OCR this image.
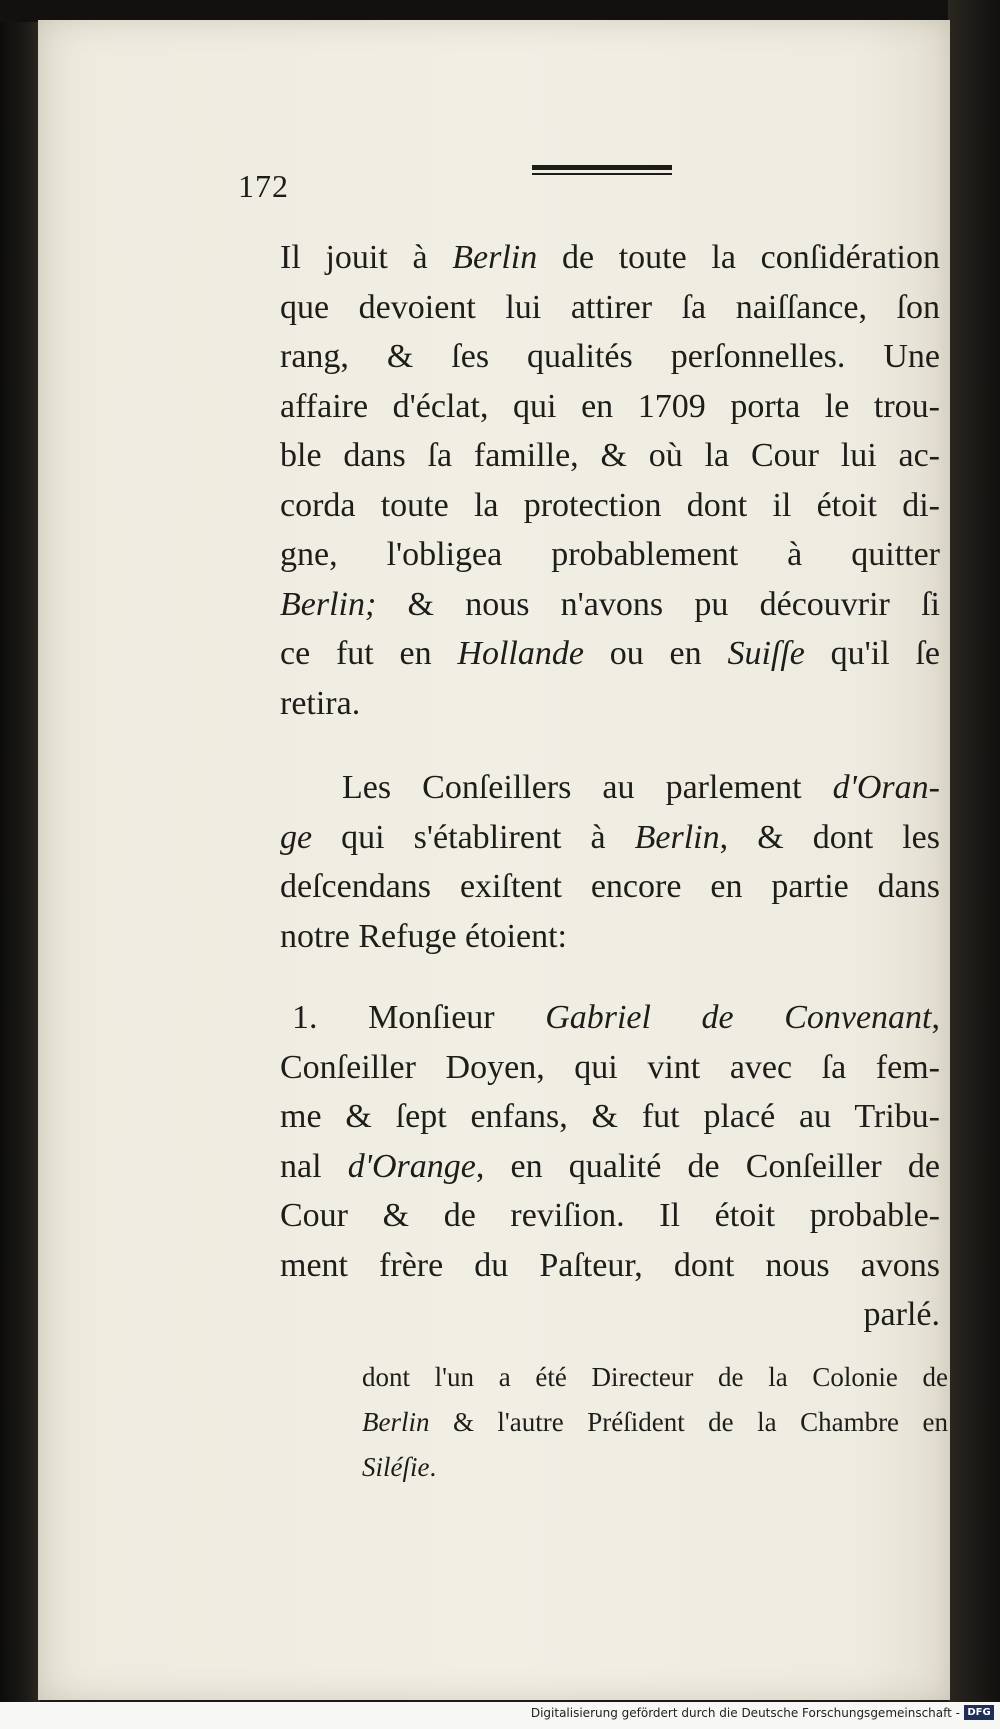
172
Il jouit à Berlin de toute la conſidération
que devoient lui attirer ſa naiſſance, ſon
rang, & ſes qualités perſonnelles. Une
affaire d'éclat, qui en 1709 porta le trou-
ble dans ſa famille, & où la Cour lui ac-
corda toute la protection dont il étoit di-
gne, l'obligea probablement à quitter
Berlin; & nous n'avons pu découvrir ſi
ce fut en Hollande ou en Suiſſe qu'il ſe
retira.
Les Conſeillers au parlement d'Oran-
ge qui s'établirent à Berlin, & dont les
deſcendans exiſtent encore en partie dans
notre Refuge étoient:
1. Monſieur Gabriel de Convenant,
Conſeiller Doyen, qui vint avec ſa fem-
me & ſept enfans, & fut placé au Tribu-
nal d'Orange, en qualité de Conſeiller de
Cour & de reviſion. Il étoit probable-
ment frère du Paſteur, dont nous avons
parlé.
dont l'un a été Directeur de la Colonie de
Berlin & l'autre Préſident de la Chambre en
Siléſie.
Digitalisierung gefördert durch die Deutsche Forschungsgemeinschaft - DFG
